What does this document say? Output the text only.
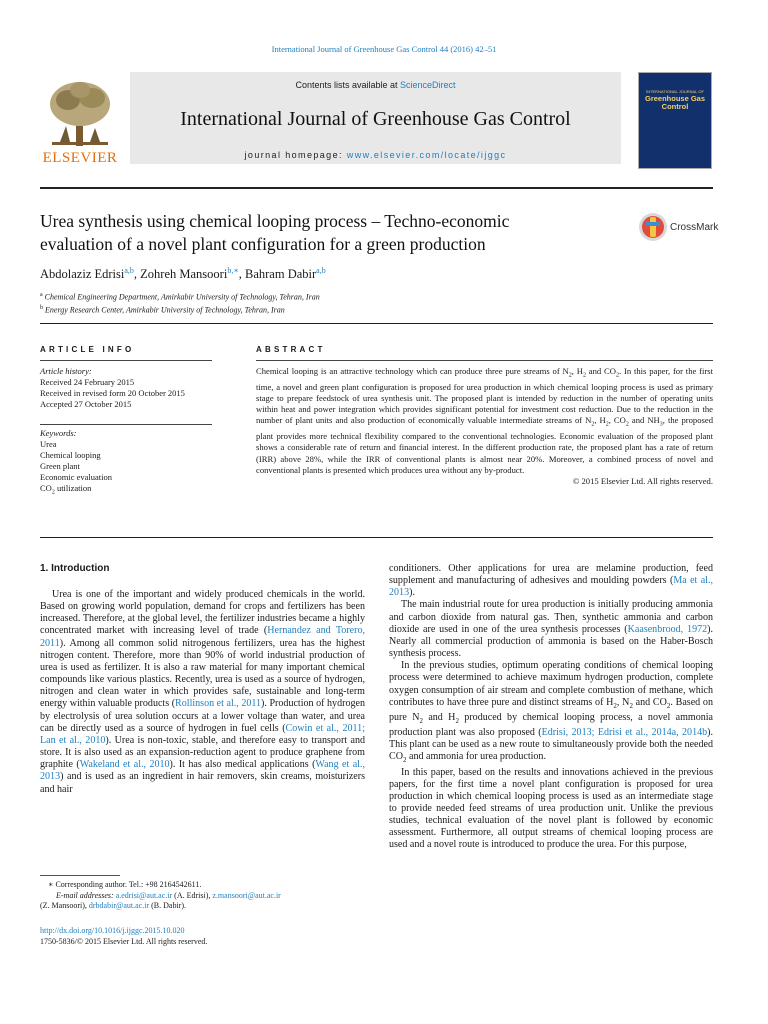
International Journal of Greenhouse Gas Control 44 (2016) 42–51
ELSEVIER
Contents lists available at ScienceDirect
International Journal of Greenhouse Gas Control
journal homepage: www.elsevier.com/locate/ijggc
INTERNATIONAL JOURNAL OF
Greenhouse Gas Control
Urea synthesis using chemical looping process – Techno-economic
evaluation of a novel plant configuration for a green production
CrossMark
Abdolaziz Edrisi$^{a,b}$, Zohreh Mansoori$^{b,∗}$, Bahram Dabir$^{a,b}$
$^a$ Chemical Engineering Department, Amirkabir University of Technology, Tehran, Iran
$^b$ Energy Research Center, Amirkabir University of Technology, Tehran, Iran
ARTICLE INFO	ABSTRACT
Article history:
Received 24 February 2015
Received in revised form 20 October 2015
Accepted 27 October 2015
Keywords:
Urea
Chemical looping
Green plant
Economic evaluation
$CO_2$ utilization

Chemical looping is an attractive technology which can produce three pure streams of $N_2$, $H_2$ and $CO_2$. In this paper, for the first time, a novel and green plant configuration is proposed for urea production in which chemical looping process is used as primary stage to prepare feedstock of urea synthesis unit. The proposed plant is intended by reduction in the number of operating units within heat and power integration which provides significant potential for investment cost reduction. Due to the reduction in the number of plant units and also production of economically valuable intermediate streams of $N_2$, $H_2$, $CO_2$ and $NH_3$, the proposed plant provides more technical flexibility compared to the conventional technologies. Economic evaluation of the proposed plant shows a considerable rate of return and financial interest. In the different production rate, the proposed plant has a rate of return (IRR) above 28%, while the IRR of conventional plants is almost near 20%. Moreover, a combined process of novel and conventional plants is presented which produces urea without any by-product.

© 2015 Elsevier Ltd. All rights reserved.

1. Introduction

Urea is one of the important and widely produced chemicals in the world. Based on growing world population, demand for crops and fertilizers has been increased. Therefore, at the global level, the fertilizer industries became a highly concentrated market with increasing level of trade (Hernandez and Torero, 2011). Among all common solid nitrogenous fertilizers, urea has the highest nitrogen content. Therefore, more than 90% of world industrial production of urea is used as fertilizer. It is also a raw material for many important chemical compounds like various plastics. Recently, urea is used as a source of hydrogen, nitrogen and clean water in which provides safe, sustainable and long-term energy within valuable products (Rollinson et al., 2011). Production of hydrogen by electrolysis of urea solution occurs at a lower voltage than water, and urea can be directly used as a source of hydrogen in fuel cells (Cowin et al., 2011; Lan et al., 2010). Urea is non-toxic, stable, and therefore easy to transport and store. It is also used as an expansion-reduction agent to produce graphene from graphite (Wakeland et al., 2010). It has also medical applications (Wang et al., 2013) and is used as an ingredient in hair removers, skin creams, moisturizers and hair

conditioners. Other applications for urea are melamine production, feed supplement and manufacturing of adhesives and moulding powders (Ma et al., 2013).

The main industrial route for urea production is initially producing ammonia and carbon dioxide from natural gas. Then, synthetic ammonia and carbon dioxide are used in one of the urea synthesis processes (Kaasenbrood, 1972). Nearly all commercial production of ammonia is based on the Haber-Bosch synthesis process.

In the previous studies, optimum operating conditions of chemical looping process were determined to achieve maximum hydrogen production, complete oxygen consumption of air stream and complete combustion of methane, which contributes to have three pure and distinct streams of $H_2$, $N_2$ and $CO_2$. Based on pure $N_2$ and $H_2$ produced by chemical looping process, a novel ammonia production plant was also proposed (Edrisi, 2013; Edrisi et al., 2014a, 2014b). This plant can be used as a new route to simultaneously provide both the needed $CO_2$ and ammonia for urea production.

In this paper, based on the results and innovations achieved in the previous papers, for the first time a novel plant configuration is proposed for urea production in which chemical looping process is used as an intermediate stage to provide needed feed streams of urea production unit. Unlike the previous studies, technical evaluation of the novel plant is followed by economic assessment. Furthermore, all output streams of chemical looping process are used and a novel route is introduced to produce the urea. For this purpose,

∗ Corresponding author. Tel.: +98 2164542611.
E-mail addresses: a.edrisi@aut.ac.ir (A. Edrisi), z.mansoori@aut.ac.ir
(Z. Mansoori), drbdabir@aut.ac.ir (B. Dabir).
http://dx.doi.org/10.1016/j.ijggc.2015.10.020
1750-5836/© 2015 Elsevier Ltd. All rights reserved.
